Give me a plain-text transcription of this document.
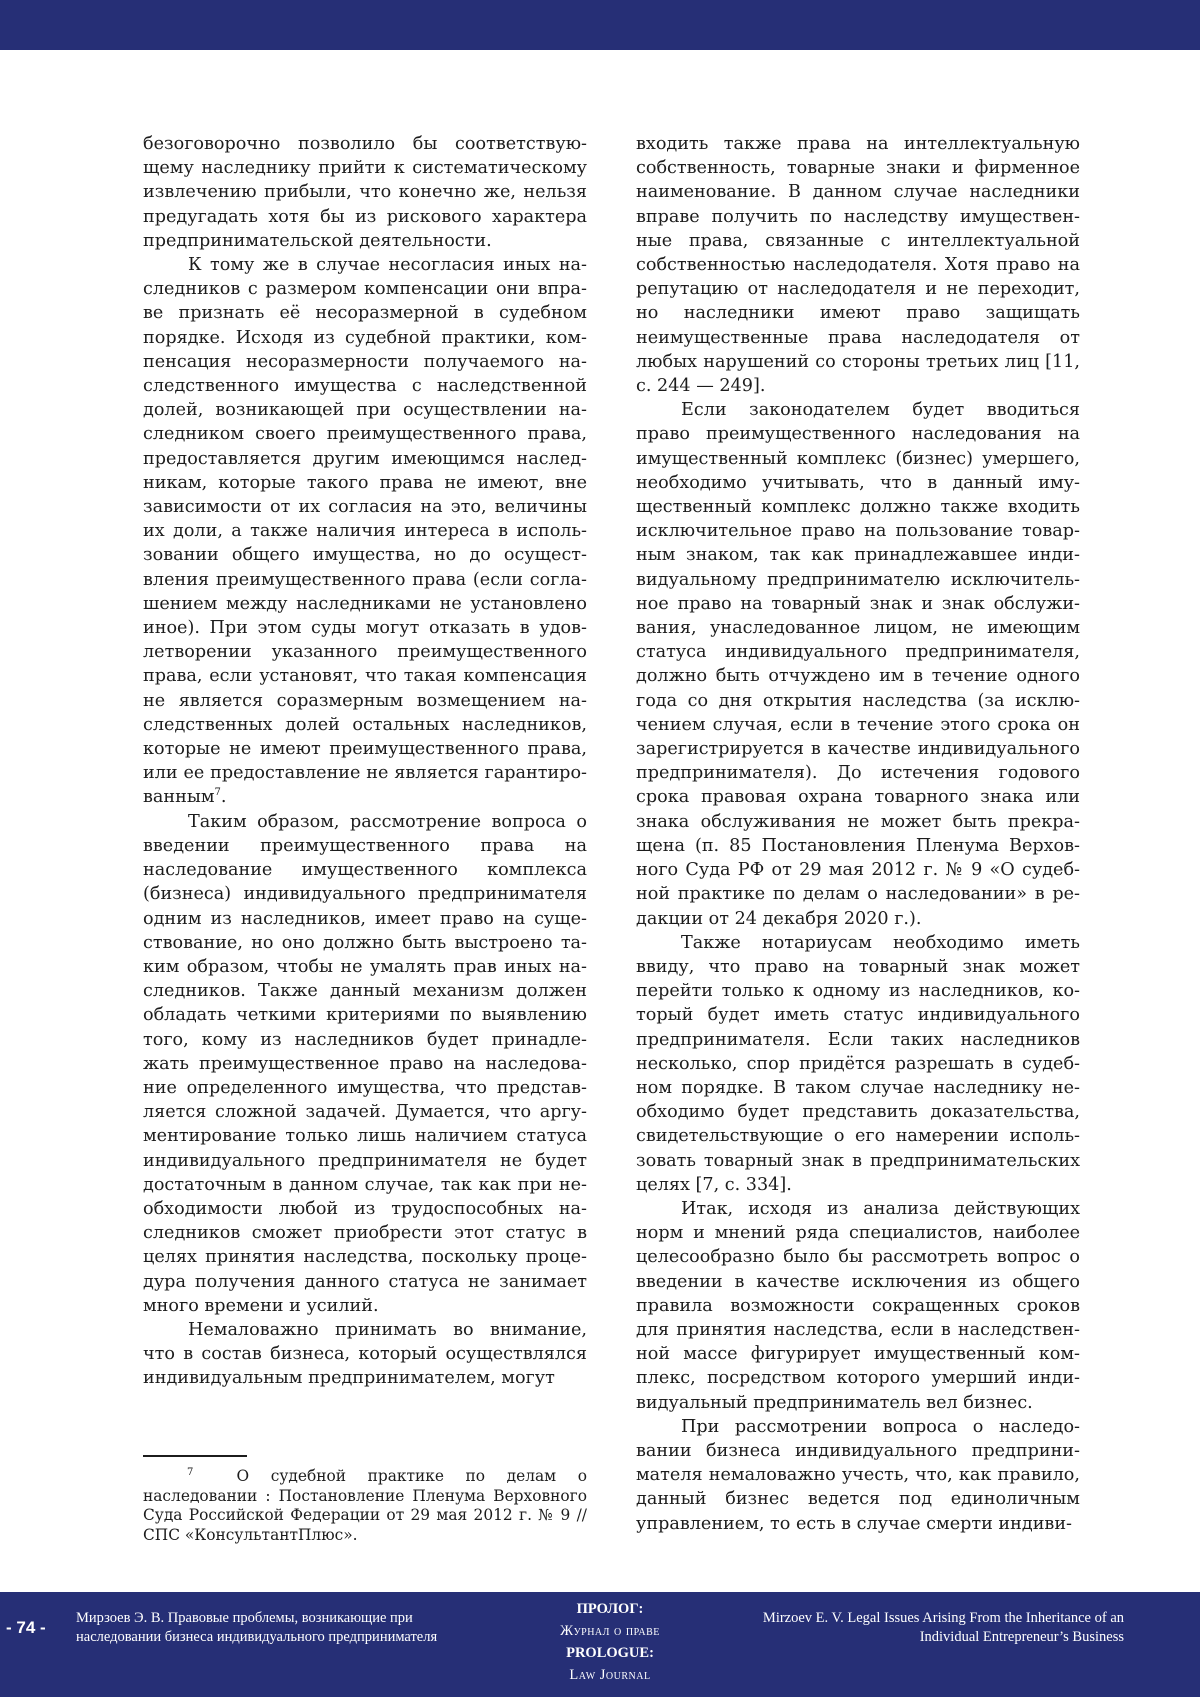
безоговорочно позволило бы соответствующему наследнику прийти к систематическому извлечению прибыли, что конечно же, нельзя предугадать хотя бы из рискового характера предпринимательской деятельности.

К тому же в случае несогласия иных наследников с размером компенсации они вправе признать её несоразмерной в судебном порядке. Исходя из судебной практики, компенсация несоразмерности получаемого наследственного имущества с наследственной долей, возникающей при осуществлении наследником своего преимущественного права, предоставляется другим имеющимся наследникам, которые такого права не имеют, вне зависимости от их согласия на это, величины их доли, а также наличия интереса в использовании общего имущества, но до осуществления преимущественного права (если соглашением между наследниками не установлено иное). При этом суды могут отказать в удовлетворении указанного преимущественного права, если установят, что такая компенсация не является соразмерным возмещением наследственных долей остальных наследников, которые не имеют преимущественного права, или ее предоставление не является гарантированным$^7$.

Таким образом, рассмотрение вопроса о введении преимущественного права на наследование имущественного комплекса (бизнеса) индивидуального предпринимателя одним из наследников, имеет право на существование, но оно должно быть выстроено таким образом, чтобы не умалять прав иных наследников. Также данный механизм должен обладать четкими критериями по выявлению того, кому из наследников будет принадлежать преимущественное право на наследование определенного имущества, что представляется сложной задачей. Думается, что аргументирование только лишь наличием статуса индивидуального предпринимателя не будет достаточным в данном случае, так как при необходимости любой из трудоспособных наследников сможет приобрести этот статус в целях принятия наследства, поскольку процедура получения данного статуса не занимает много времени и усилий.

Немаловажно принимать во внимание, что в состав бизнеса, который осуществлялся индивидуальным предпринимателем, могут

входить также права на интеллектуальную собственность, товарные знаки и фирменное наименование. В данном случае наследники вправе получить по наследству имущественные права, связанные с интеллектуальной собственностью наследодателя. Хотя право на репутацию от наследодателя и не переходит, но наследники имеют право защищать неимущественные права наследодателя от любых нарушений со стороны третьих лиц [11, с. 244 — 249].

Если законодателем будет вводиться право преимущественного наследования на имущественный комплекс (бизнес) умершего, необходимо учитывать, что в данный имущественный комплекс должно также входить исключительное право на пользование товарным знаком, так как принадлежавшее индивидуальному предпринимателю исключительное право на товарный знак и знак обслуживания, унаследованное лицом, не имеющим статуса индивидуального предпринимателя, должно быть отчуждено им в течение одного года со дня открытия наследства (за исключением случая, если в течение этого срока он зарегистрируется в качестве индивидуального предпринимателя). До истечения годового срока правовая охрана товарного знака или знака обслуживания не может быть прекращена (п. 85 Постановления Пленума Верховного Суда РФ от 29 мая 2012 г. № 9 «О судебной практике по делам о наследовании» в редакции от 24 декабря 2020 г.).

Также нотариусам необходимо иметь ввиду, что право на товарный знак может перейти только к одному из наследников, который будет иметь статус индивидуального предпринимателя. Если таких наследников несколько, спор придётся разрешать в судебном порядке. В таком случае наследнику необходимо будет представить доказательства, свидетельствующие о его намерении использовать товарный знак в предпринимательских целях [7, с. 334].

Итак, исходя из анализа действующих норм и мнений ряда специалистов, наиболее целесообразно было бы рассмотреть вопрос о введении в качестве исключения из общего правила возможности сокращенных сроков для принятия наследства, если в наследственной массе фигурирует имущественный комплекс, посредством которого умерший индивидуальный предприниматель вел бизнес.

При рассмотрении вопроса о наследовании бизнеса индивидуального предпринимателя немаловажно учесть, что, как правило, данный бизнес ведется под единоличным управлением, то есть в случае смерти индиви-

$^7$	О судебной практике по делам о наследовании : Постановление Пленума Верховного Суда Российской Федерации от 29 мая 2012 г. № 9 // СПС «КонсультантПлюс».

- 74 - Мирзоев Э. В. Правовые проблемы, возникающие при наследовании бизнеса индивидуального предпринимателя
ПРОЛОГ:
Журнал о праве
PROLOGUE:
Law Journal
Mirzoev E. V. Legal Issues Arising From the Inheritance of an Individual Entrepreneur’s Business
